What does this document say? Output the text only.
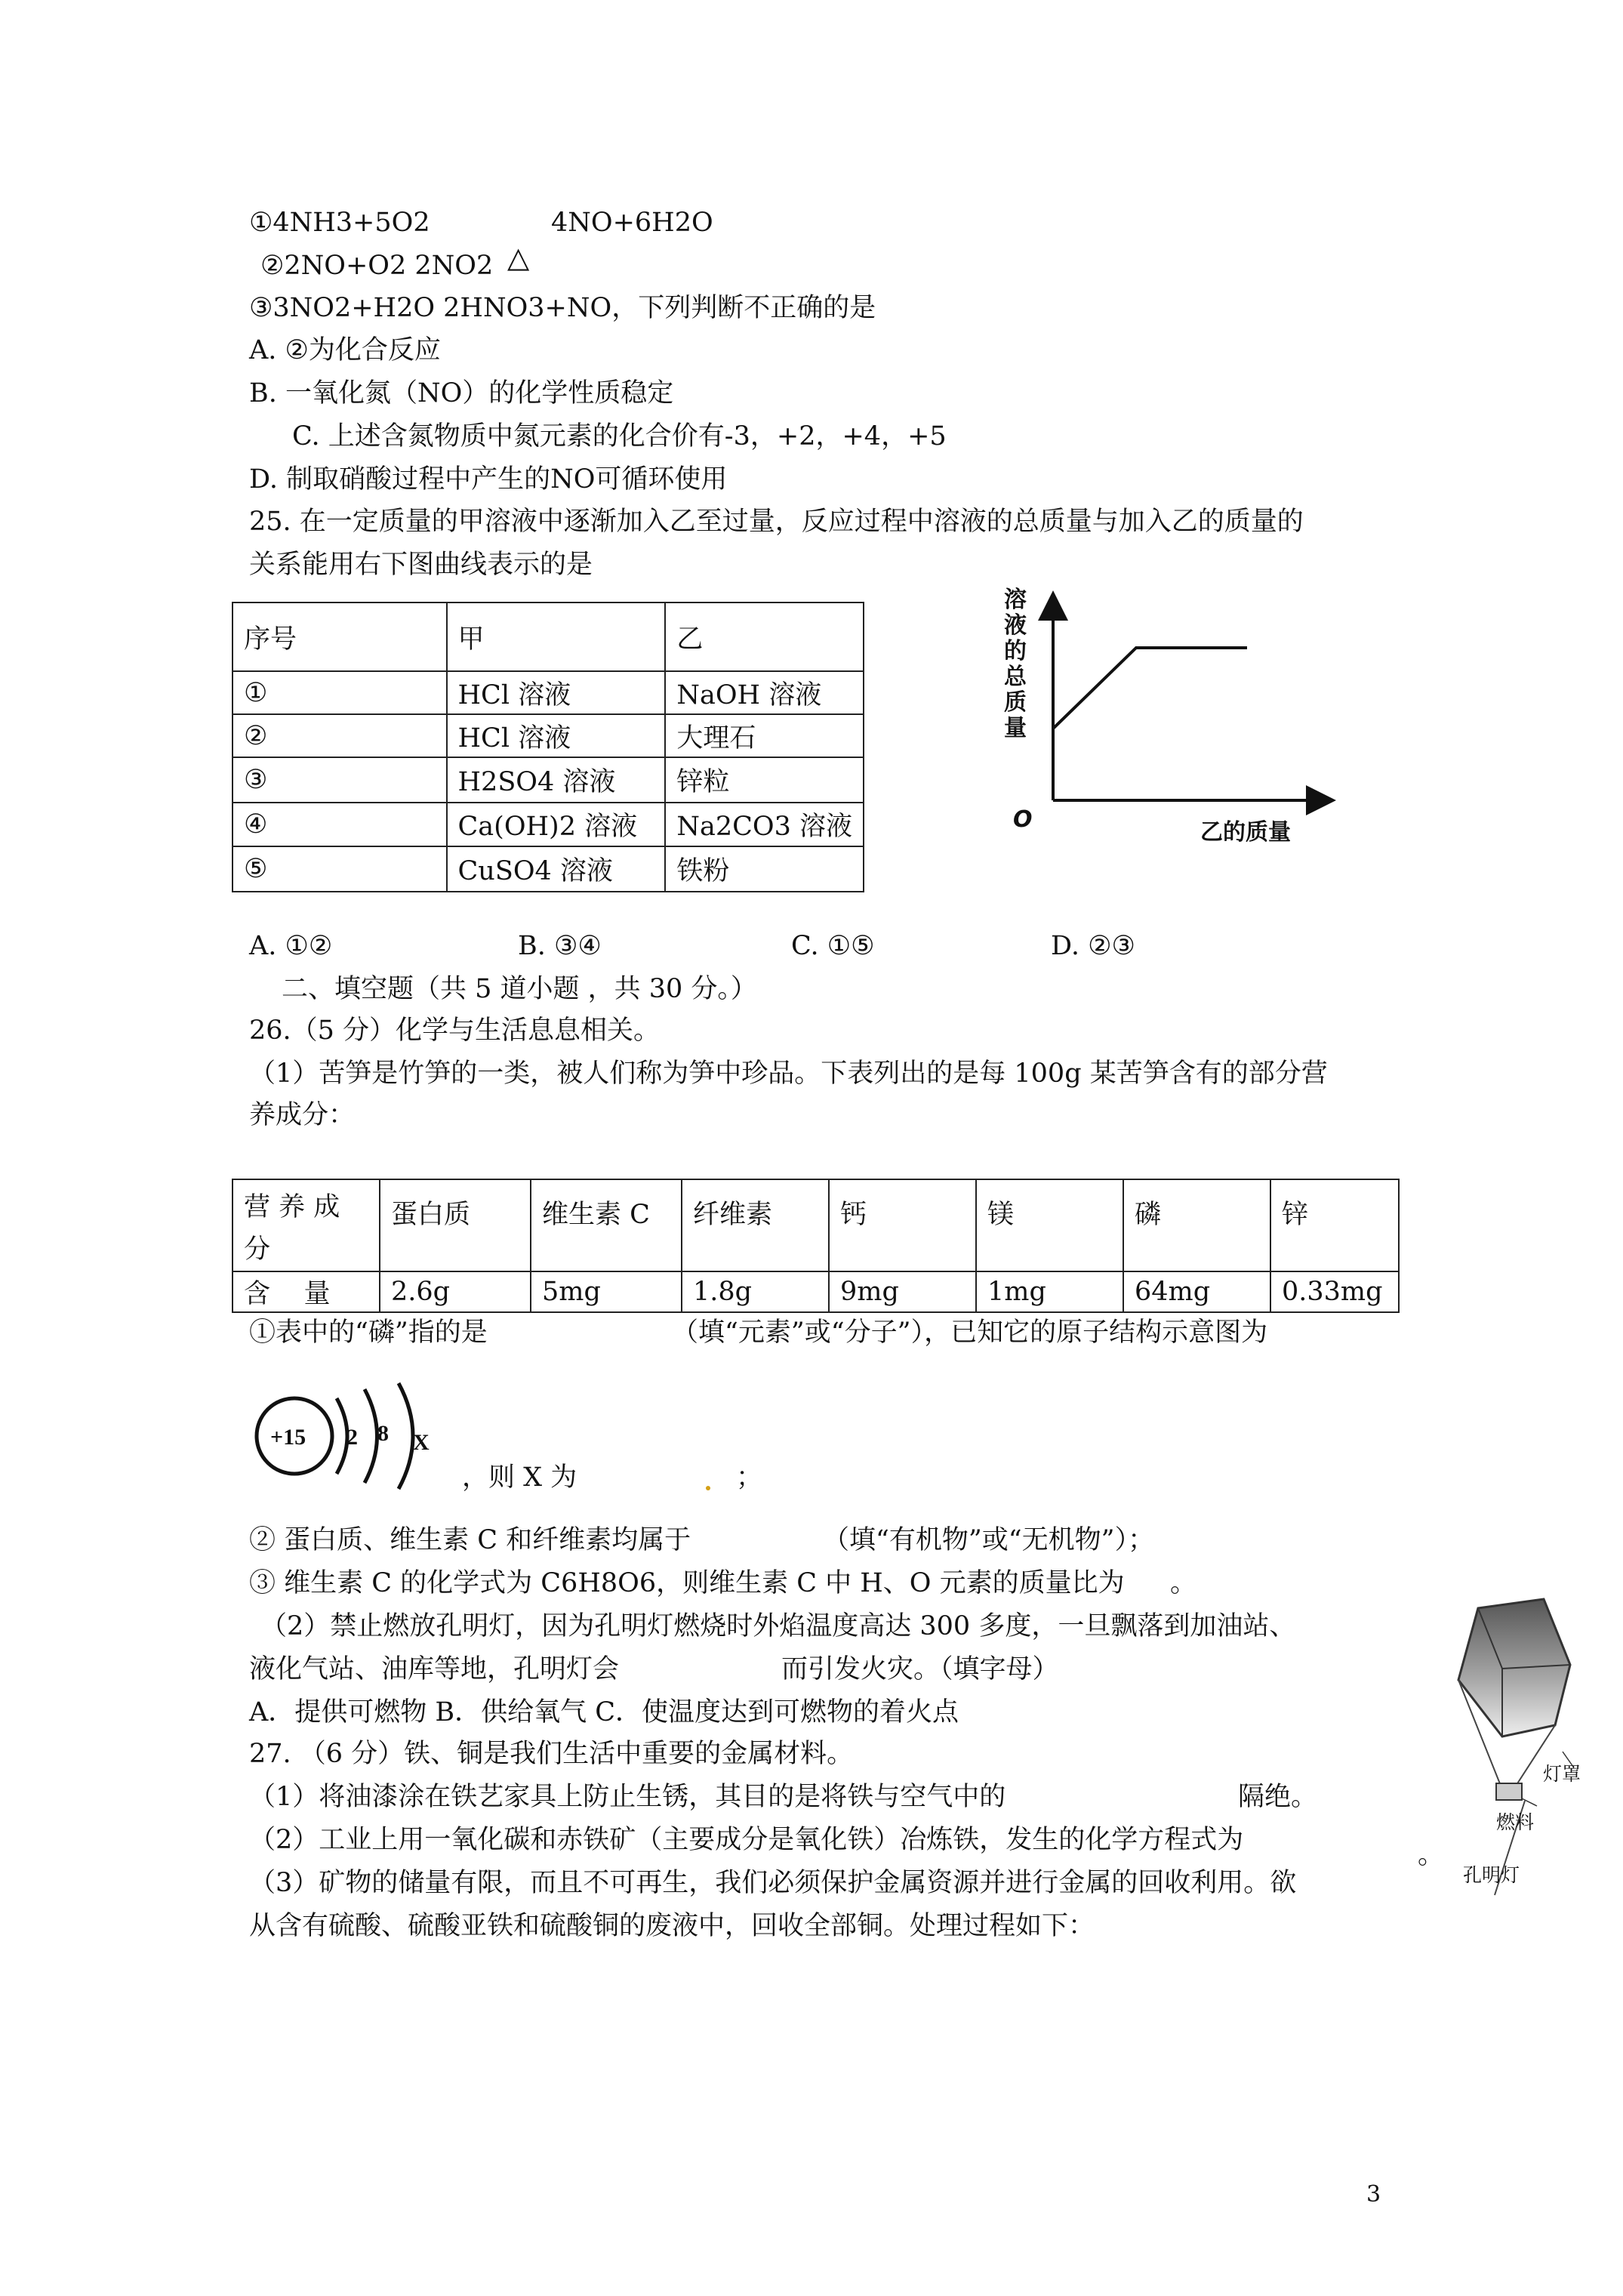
①4NH3+5O2	4NO+6H2O
△
②2NO+O2 2NO2
③3NO2+H2O 2HNO3+NO，下列判断不正确的是
A. ②为化合反应
B. 一氧化氮（NO）的化学性质稳定
C. 上述含氮物质中氮元素的化合价有-3，+2，+4，+5
D. 制取硝酸过程中产生的NO可循环使用
25. 在一定质量的甲溶液中逐渐加入乙至过量，反应过程中溶液的总质量与加入乙的质量的
关系能用右下图曲线表示的是
序号	甲	乙
①	HCl 溶液	NaOH 溶液
②	HCl 溶液	大理石
③	H2SO4 溶液	锌粒
④	Ca(OH)2 溶液	Na2CO3 溶液
⑤	CuSO4 溶液	铁粉
溶
液
的
总
质
量
O	乙的质量
A. ①②	B. ③④	C. ①⑤	D. ②③
二、填空题（共 5 道小题 ，共 30 分。）
26.（5 分）化学与生活息息相关。
（1）苦笋是竹笋的一类，被人们称为笋中珍品。下表列出的是每 100g 某苦笋含有的部分营
养成分：
营 养 成
分	蛋白质	维生素 C	纤维素	钙	镁	磷	锌
含    量	2.6g	5mg	1.8g	9mg	1mg	64mg	0.33mg
①表中的“磷”指的是	（填“元素”或“分子”），已知它的原子结构示意图为
+15 2 8 X
，则 X 为	；
② 蛋白质、维生素 C 和纤维素均属于	（填“有机物”或“无机物”）；
③ 维生素 C 的化学式为 C6H8O6，则维生素 C 中 H、O 元素的质量比为 。
（2）禁止燃放孔明灯，因为孔明灯燃烧时外焰温度高达 300 多度，一旦飘落到加油站、
液化气站、油库等地，孔明灯会	而引发火灾。（填字母）
A．提供可燃物 B．供给氧气 C．使温度达到可燃物的着火点
灯罩
燃料
孔明灯
27. （6 分）铁、铜是我们生活中重要的金属材料。
（1）将油漆涂在铁艺家具上防止生锈，其目的是将铁与空气中的	隔绝。
（2）工业上用一氧化碳和赤铁矿（主要成分是氧化铁）冶炼铁，发生的化学方程式为	。
（3）矿物的储量有限，而且不可再生，我们必须保护金属资源并进行金属的回收利用。欲
从含有硫酸、硫酸亚铁和硫酸铜的废液中，回收全部铜。处理过程如下：
3
